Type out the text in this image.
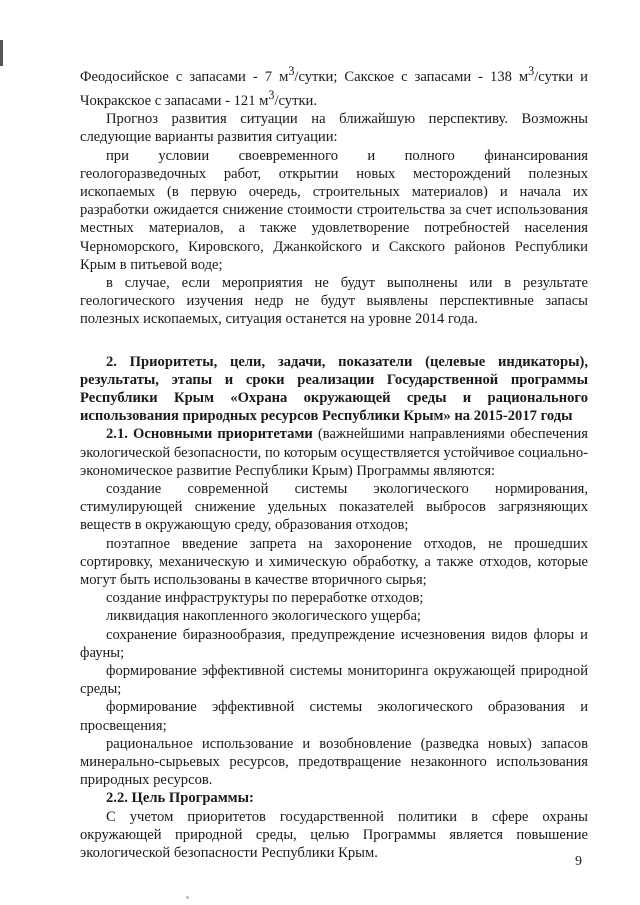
Феодосийское с запасами - 7 $м^3$/сутки; Сакское с запасами - 138 $м^3$/сутки и Чокракское с запасами - 121 $м^3$/сутки.

Прогноз развития ситуации на ближайшую перспективу. Возможны следующие варианты развития ситуации:

при условии своевременного и полного финансирования геологоразведочных работ, открытии новых месторождений полезных ископаемых (в первую очередь, строительных материалов) и начала их разработки ожидается снижение стоимости строительства за счет использования местных материалов, а также удовлетворение потребностей населения Черноморского, Кировского, Джанкойского и Сакского районов Республики Крым в питьевой воде;

в случае, если мероприятия не будут выполнены или в результате геологического изучения недр не будут выявлены перспективные запасы полезных ископаемых, ситуация останется на уровне 2014 года.

2. Приоритеты, цели, задачи, показатели (целевые индикаторы), результаты, этапы и сроки реализации Государственной программы Республики Крым «Охрана окружающей среды и рационального использования природных ресурсов Республики Крым» на 2015-2017 годы

2.1. Основными приоритетами (важнейшими направлениями обеспечения экологической безопасности, по которым осуществляется устойчивое социально-экономическое развитие Республики Крым) Программы являются:

создание современной системы экологического нормирования, стимулирующей снижение удельных показателей выбросов загрязняющих веществ в окружающую среду, образования отходов;

поэтапное введение запрета на захоронение отходов, не прошедших сортировку, механическую и химическую обработку, а также отходов, которые могут быть использованы в качестве вторичного сырья;

создание инфраструктуры по переработке отходов;

ликвидация накопленного экологического ущерба;

сохранение биразнообразия, предупреждение исчезновения видов флоры и фауны;

формирование эффективной системы мониторинга окружающей природной среды;

формирование эффективной системы экологического образования и просвещения;

рациональное использование и возобновление (разведка новых) запасов минерально-сырьевых ресурсов, предотвращение незаконного использования природных ресурсов.

2.2. Цель Программы:

С учетом приоритетов государственной политики в сфере охраны окружающей природной среды, целью Программы является повышение экологической безопасности Республики Крым.

9
